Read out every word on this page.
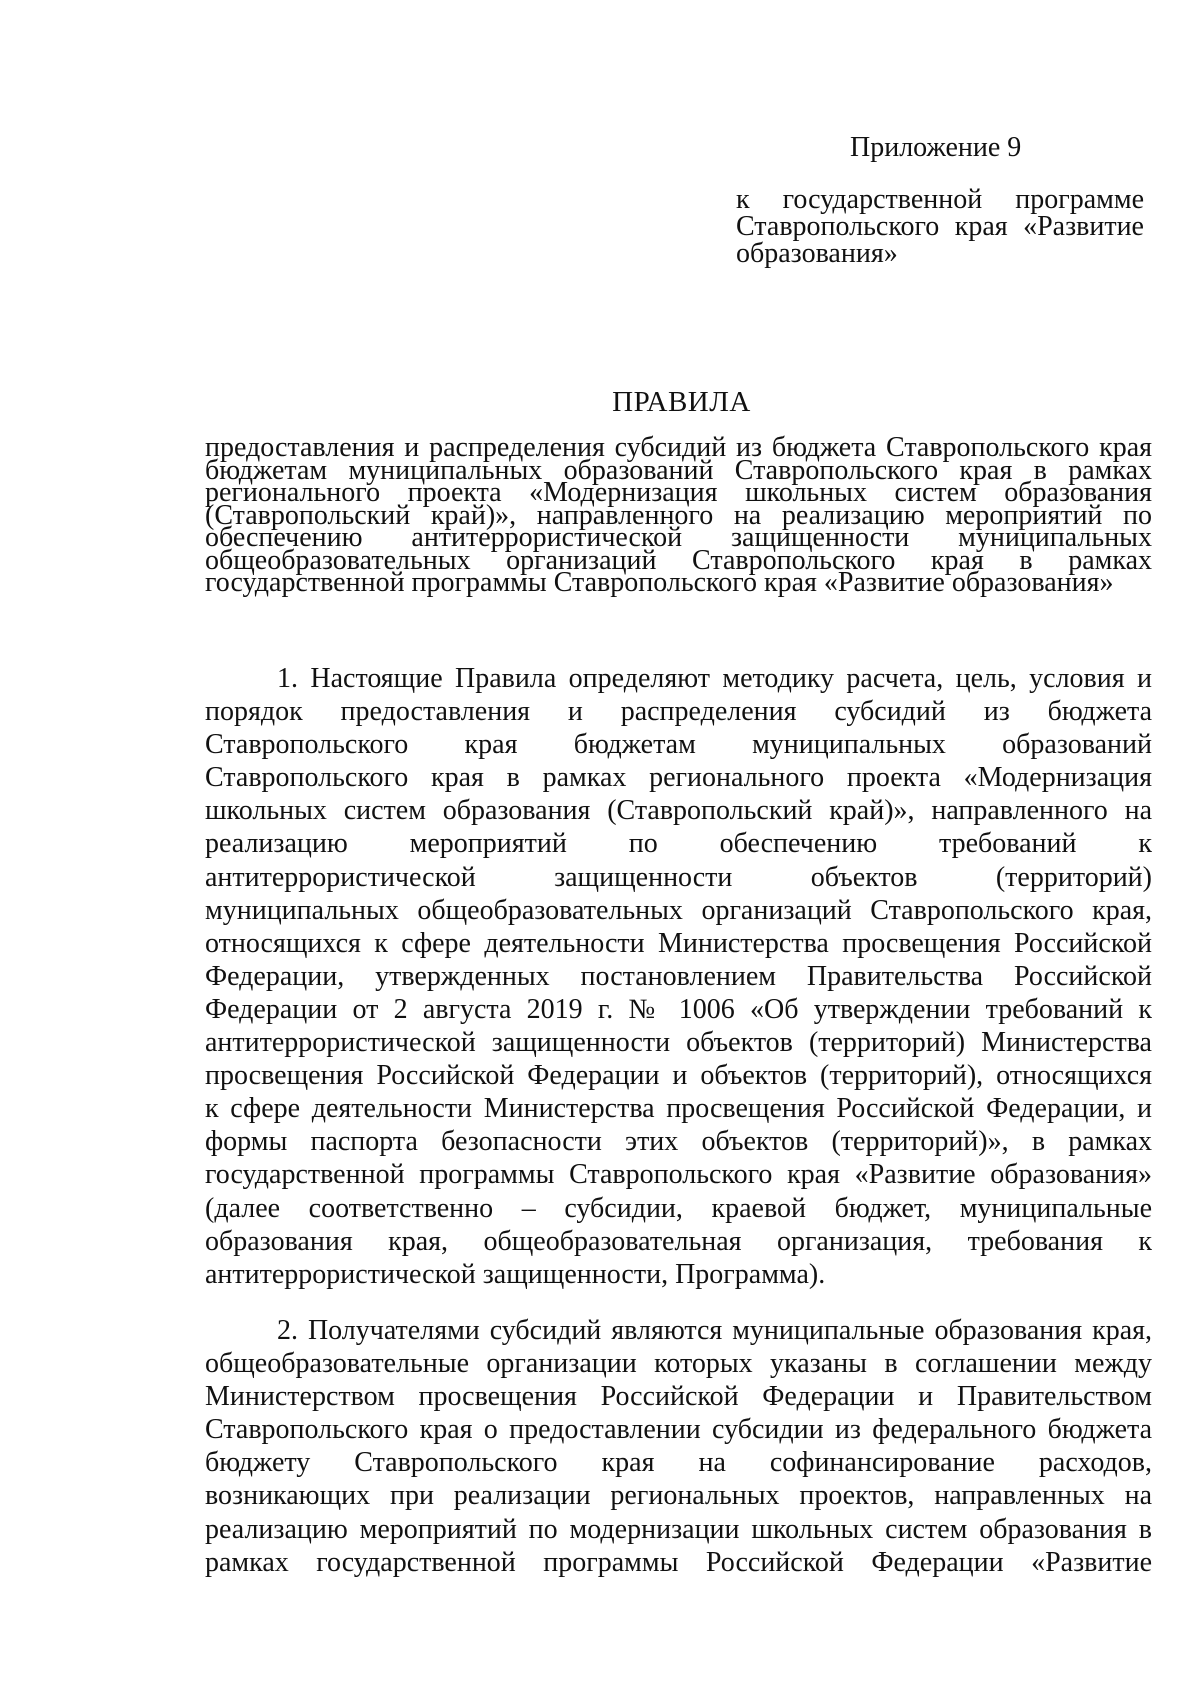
Приложение 9
к государственной программе
Ставропольского края «Развитие
образования»
ПРАВИЛА
предоставления и распределения субсидий из бюджета Ставропольского края
бюджетам муниципальных образований Ставропольского края в рамках
регионального проекта «Модернизация школьных систем образования
(Ставропольский край)», направленного на реализацию мероприятий по
обеспечению антитеррористической защищенности муниципальных
общеобразовательных организаций Ставропольского края в рамках
государственной программы Ставропольского края «Развитие образования»
1. Настоящие Правила определяют методику расчета, цель, условия и
порядок предоставления и распределения субсидий из бюджета
Ставропольского края бюджетам муниципальных образований
Ставропольского края в рамках регионального проекта «Модернизация
школьных систем образования (Ставропольский край)», направленного на
реализацию мероприятий по обеспечению требований к
антитеррористической защищенности объектов (территорий)
муниципальных общеобразовательных организаций Ставропольского края,
относящихся к сфере деятельности Министерства просвещения Российской
Федерации, утвержденных постановлением Правительства Российской
Федерации от 2 августа 2019 г. № 1006 «Об утверждении требований к
антитеррористической защищенности объектов (территорий) Министерства
просвещения Российской Федерации и объектов (территорий), относящихся
к сфере деятельности Министерства просвещения Российской Федерации, и
формы паспорта безопасности этих объектов (территорий)», в рамках
государственной программы Ставропольского края «Развитие образования»
(далее соответственно – субсидии, краевой бюджет, муниципальные
образования края, общеобразовательная организация, требования к
антитеррористической защищенности, Программа).
2. Получателями субсидий являются муниципальные образования края,
общеобразовательные организации которых указаны в соглашении между
Министерством просвещения Российской Федерации и Правительством
Ставропольского края о предоставлении субсидии из федерального бюджета
бюджету Ставропольского края на софинансирование расходов,
возникающих при реализации региональных проектов, направленных на
реализацию мероприятий по модернизации школьных систем образования в
рамках государственной программы Российской Федерации «Развитие
